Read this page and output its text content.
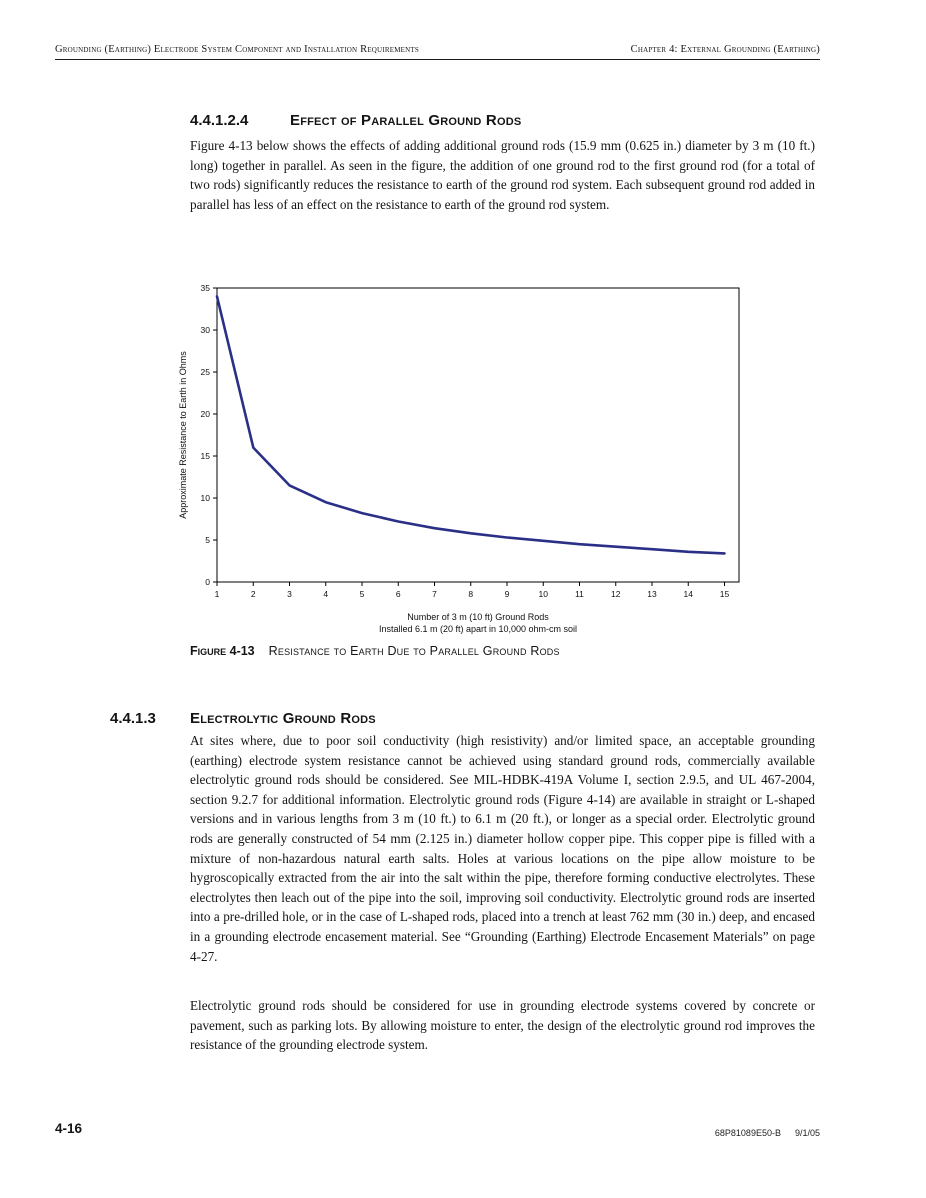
Grounding (Earthing) Electrode System Component and Installation Requirements	Chapter 4: External Grounding (Earthing)
4.4.1.2.4	Effect of Parallel Ground Rods

Figure 4-13 below shows the effects of adding additional ground rods (15.9 mm (0.625 in.) diameter by 3 m (10 ft.) long) together in parallel. As seen in the figure, the addition of one ground rod to the first ground rod (for a total of two rods) significantly reduces the resistance to earth of the ground rod system. Each subsequent ground rod added in parallel has less of an effect on the resistance to earth of the ground rod system.

Approximate Resistance to Earth in Ohms
0
5
10
15
20
25
30
35
1	2	3	4	5	6	7	8	9	10	11	12	13	14	15
Number of 3 m (10 ft) Ground Rods
Installed 6.1 m (20 ft) apart in 10,000 ohm-cm soil
Figure 4-13 Resistance to Earth Due to Parallel Ground Rods
4.4.1.3 Electrolytic Ground Rods

At sites where, due to poor soil conductivity (high resistivity) and/or limited space, an acceptable grounding (earthing) electrode system resistance cannot be achieved using standard ground rods, commercially available electrolytic ground rods should be considered. See MIL-HDBK-419A Volume I, section 2.9.5, and UL 467-2004, section 9.2.7 for additional information. Electrolytic ground rods (Figure 4-14) are available in straight or L-shaped versions and in various lengths from 3 m (10 ft.) to 6.1 m (20 ft.), or longer as a special order. Electrolytic ground rods are generally constructed of 54 mm (2.125 in.) diameter hollow copper pipe. This copper pipe is filled with a mixture of non-hazardous natural earth salts. Holes at various locations on the pipe allow moisture to be hygroscopically extracted from the air into the salt within the pipe, therefore forming conductive electrolytes. These electrolytes then leach out of the pipe into the soil, improving soil conductivity. Electrolytic ground rods are inserted into a pre-drilled hole, or in the case of L-shaped rods, placed into a trench at least 762 mm (30 in.) deep, and encased in a grounding electrode encasement material. See “Grounding (Earthing) Electrode Encasement Materials” on page 4-27.

Electrolytic ground rods should be considered for use in grounding electrode systems covered by concrete or pavement, such as parking lots. By allowing moisture to enter, the design of the electrolytic ground rod improves the resistance of the grounding electrode system.

4-16	68P81089E50-B 9/1/05
